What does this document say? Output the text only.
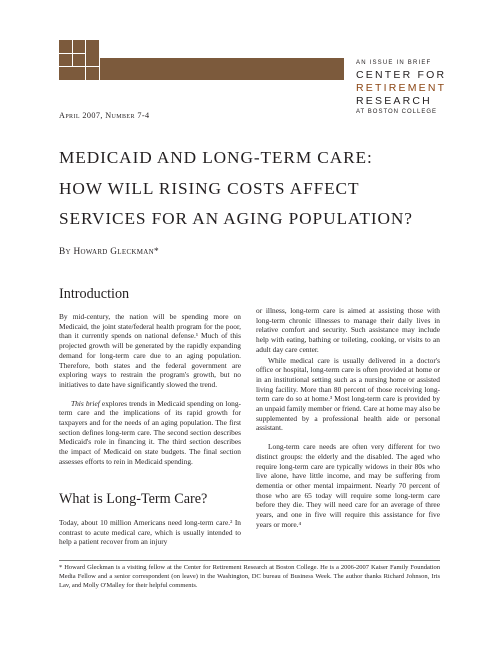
AN ISSUE IN BRIEF
CENTER FOR
RETIREMENT
RESEARCH
AT BOSTON COLLEGE
April 2007, Number 7-4
MEDICAID AND LONG-TERM CARE:
HOW WILL RISING COSTS AFFECT
SERVICES FOR AN AGING POPULATION?
By Howard Gleckman*
Introduction

By mid-century, the nation will be spending more on Medicaid, the joint state/federal health program for the poor, than it currently spends on national defense.¹ Much of this projected growth will be generated by the rapidly expanding demand for long-term care due to an aging population. Therefore, both states and the federal government are exploring ways to restrain the program's growth, but no initiatives to date have significantly slowed the trend.

This brief explores trends in Medicaid spending on long-term care and the implications of its rapid growth for taxpayers and for the needs of an aging population. The first section defines long-term care. The second section describes Medicaid's role in financing it. The third section describes the impact of Medicaid on state budgets. The final section assesses efforts to rein in Medicaid spending.

What is Long-Term Care?

Today, about 10 million Americans need long-term care.² In contrast to acute medical care, which is usually intended to help a patient recover from an injury

or illness, long-term care is aimed at assisting those with long-term chronic illnesses to manage their daily lives in relative comfort and security. Such assistance may include help with eating, bathing or toileting, cooking, or visits to an adult day care center.

While medical care is usually delivered in a doctor's office or hospital, long-term care is often provided at home or in an institutional setting such as a nursing home or assisted living facility. More than 80 percent of those receiving long-term care do so at home.³ Most long-term care is provided by an unpaid family member or friend. Care at home may also be supplemented by a professional health aide or personal assistant.

Long-term care needs are often very different for two distinct groups: the elderly and the disabled. The aged who require long-term care are typically widows in their 80s who live alone, have little income, and may be suffering from dementia or other mental impairment. Nearly 70 percent of those who are 65 today will require some long-term care before they die. They will need care for an average of three years, and one in five will require this assistance for five years or more.⁴

* Howard Gleckman is a visiting fellow at the Center for Retirement Research at Boston College. He is a 2006-2007 Kaiser Family Foundation Media Fellow and a senior correspondent (on leave) in the Washington, DC bureau of Business Week. The author thanks Richard Johnson, Iris Lav, and Molly O'Malley for their helpful comments.
